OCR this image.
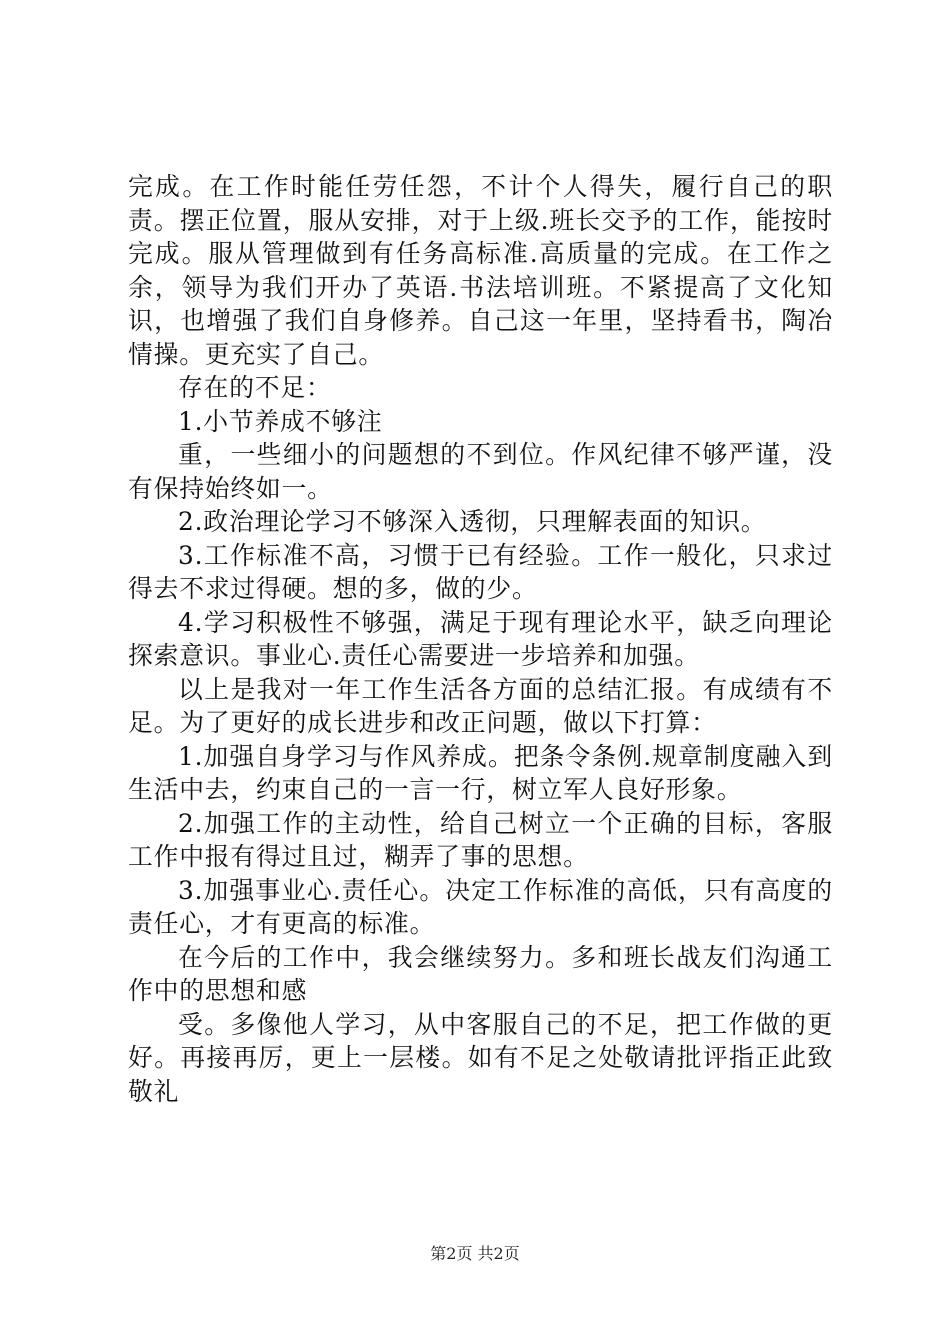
完成。在工作时能任劳任怨，不计个人得失，履行自己的职责。摆正位置，服从安排，对于上级.班长交予的工作，能按时完成。服从管理做到有任务高标准.高质量的完成。在工作之余，领导为我们开办了英语.书法培训班。不紧提高了文化知识，也增强了我们自身修养。自己这一年里，坚持看书，陶冶情操。更充实了自己。

存在的不足：

1.小节养成不够注

重，一些细小的问题想的不到位。作风纪律不够严谨，没有保持始终如一。

2.政治理论学习不够深入透彻，只理解表面的知识。

3.工作标准不高，习惯于已有经验。工作一般化，只求过得去不求过得硬。想的多，做的少。

4.学习积极性不够强，满足于现有理论水平，缺乏向理论探索意识。事业心.责任心需要进一步培养和加强。

以上是我对一年工作生活各方面的总结汇报。有成绩有不足。为了更好的成长进步和改正问题，做以下打算：

1.加强自身学习与作风养成。把条令条例.规章制度融入到生活中去，约束自己的一言一行，树立军人良好形象。

2.加强工作的主动性，给自己树立一个正确的目标，客服工作中报有得过且过，糊弄了事的思想。

3.加强事业心.责任心。决定工作标准的高低，只有高度的责任心，才有更高的标准。

在今后的工作中，我会继续努力。多和班长战友们沟通工作中的思想和感

受。多像他人学习，从中客服自己的不足，把工作做的更好。再接再厉，更上一层楼。如有不足之处敬请批评指正此致敬礼

第2页 共2页
